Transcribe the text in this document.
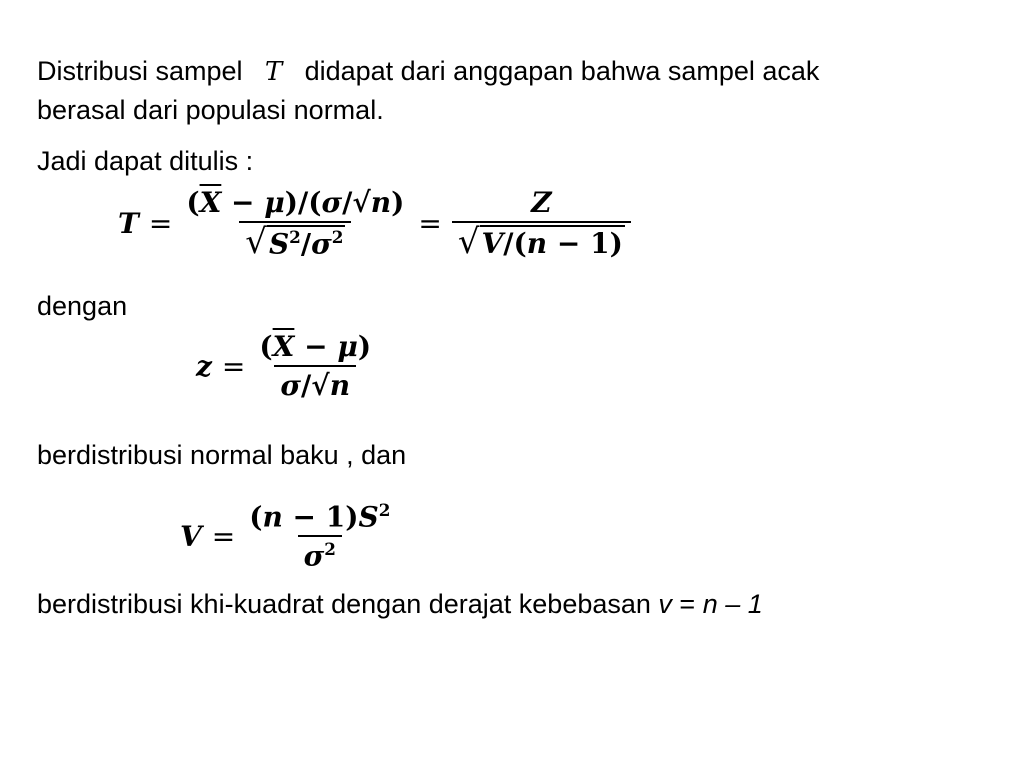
Distribusi sampel T didapat dari anggapan bahwa sampel acak
berasal dari populasi normal.
Jadi dapat ditulis :
$T = \frac{(\overline{X} - \mu)/(\sigma/√n)}{√ S^2/\sigma^2} = \frac{Z}{√ V/(n - 1)}$
dengan
$z = \frac{(\overline{X} - \mu)}{\sigma/√n}$
berdistribusi normal baku , dan
$V = \frac{(n - 1)S^2}{\sigma^2}$
berdistribusi khi-kuadrat dengan derajat kebebasan v = n – 1
